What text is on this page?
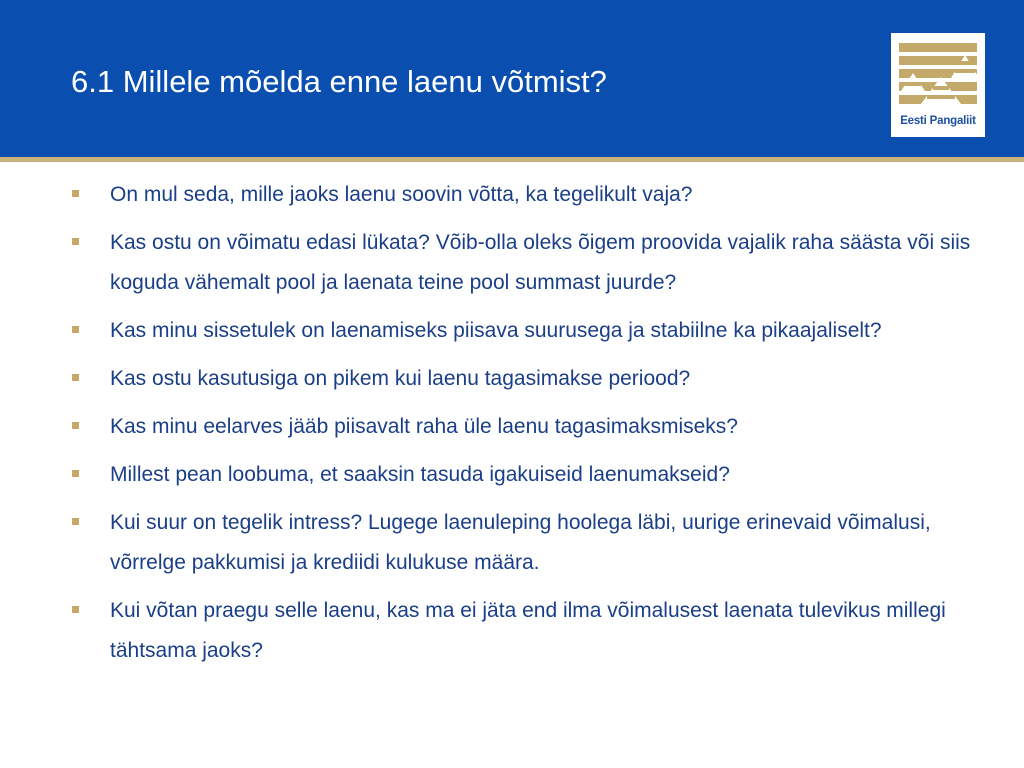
6.1 Millele mõelda enne laenu võtmist?
Eesti Pangaliit
On mul seda, mille jaoks laenu soovin võtta, ka tegelikult vaja?
Kas ostu on võimatu edasi lükata? Võib-olla oleks õigem proovida vajalik raha säästa või siis koguda vähemalt pool ja laenata teine pool summast juurde?
Kas minu sissetulek on laenamiseks piisava suurusega ja stabiilne ka pikaajaliselt?
Kas ostu kasutusiga on pikem kui laenu tagasimakse periood?
Kas minu eelarves jääb piisavalt raha üle laenu tagasimaksmiseks?
Millest pean loobuma, et saaksin tasuda igakuiseid laenumakseid?
Kui suur on tegelik intress? Lugege laenuleping hoolega läbi, uurige erinevaid võimalusi, võrrelge pakkumisi ja krediidi kulukuse määra.
Kui võtan praegu selle laenu, kas ma ei jäta end ilma võimalusest laenata tulevikus millegi tähtsama jaoks?
